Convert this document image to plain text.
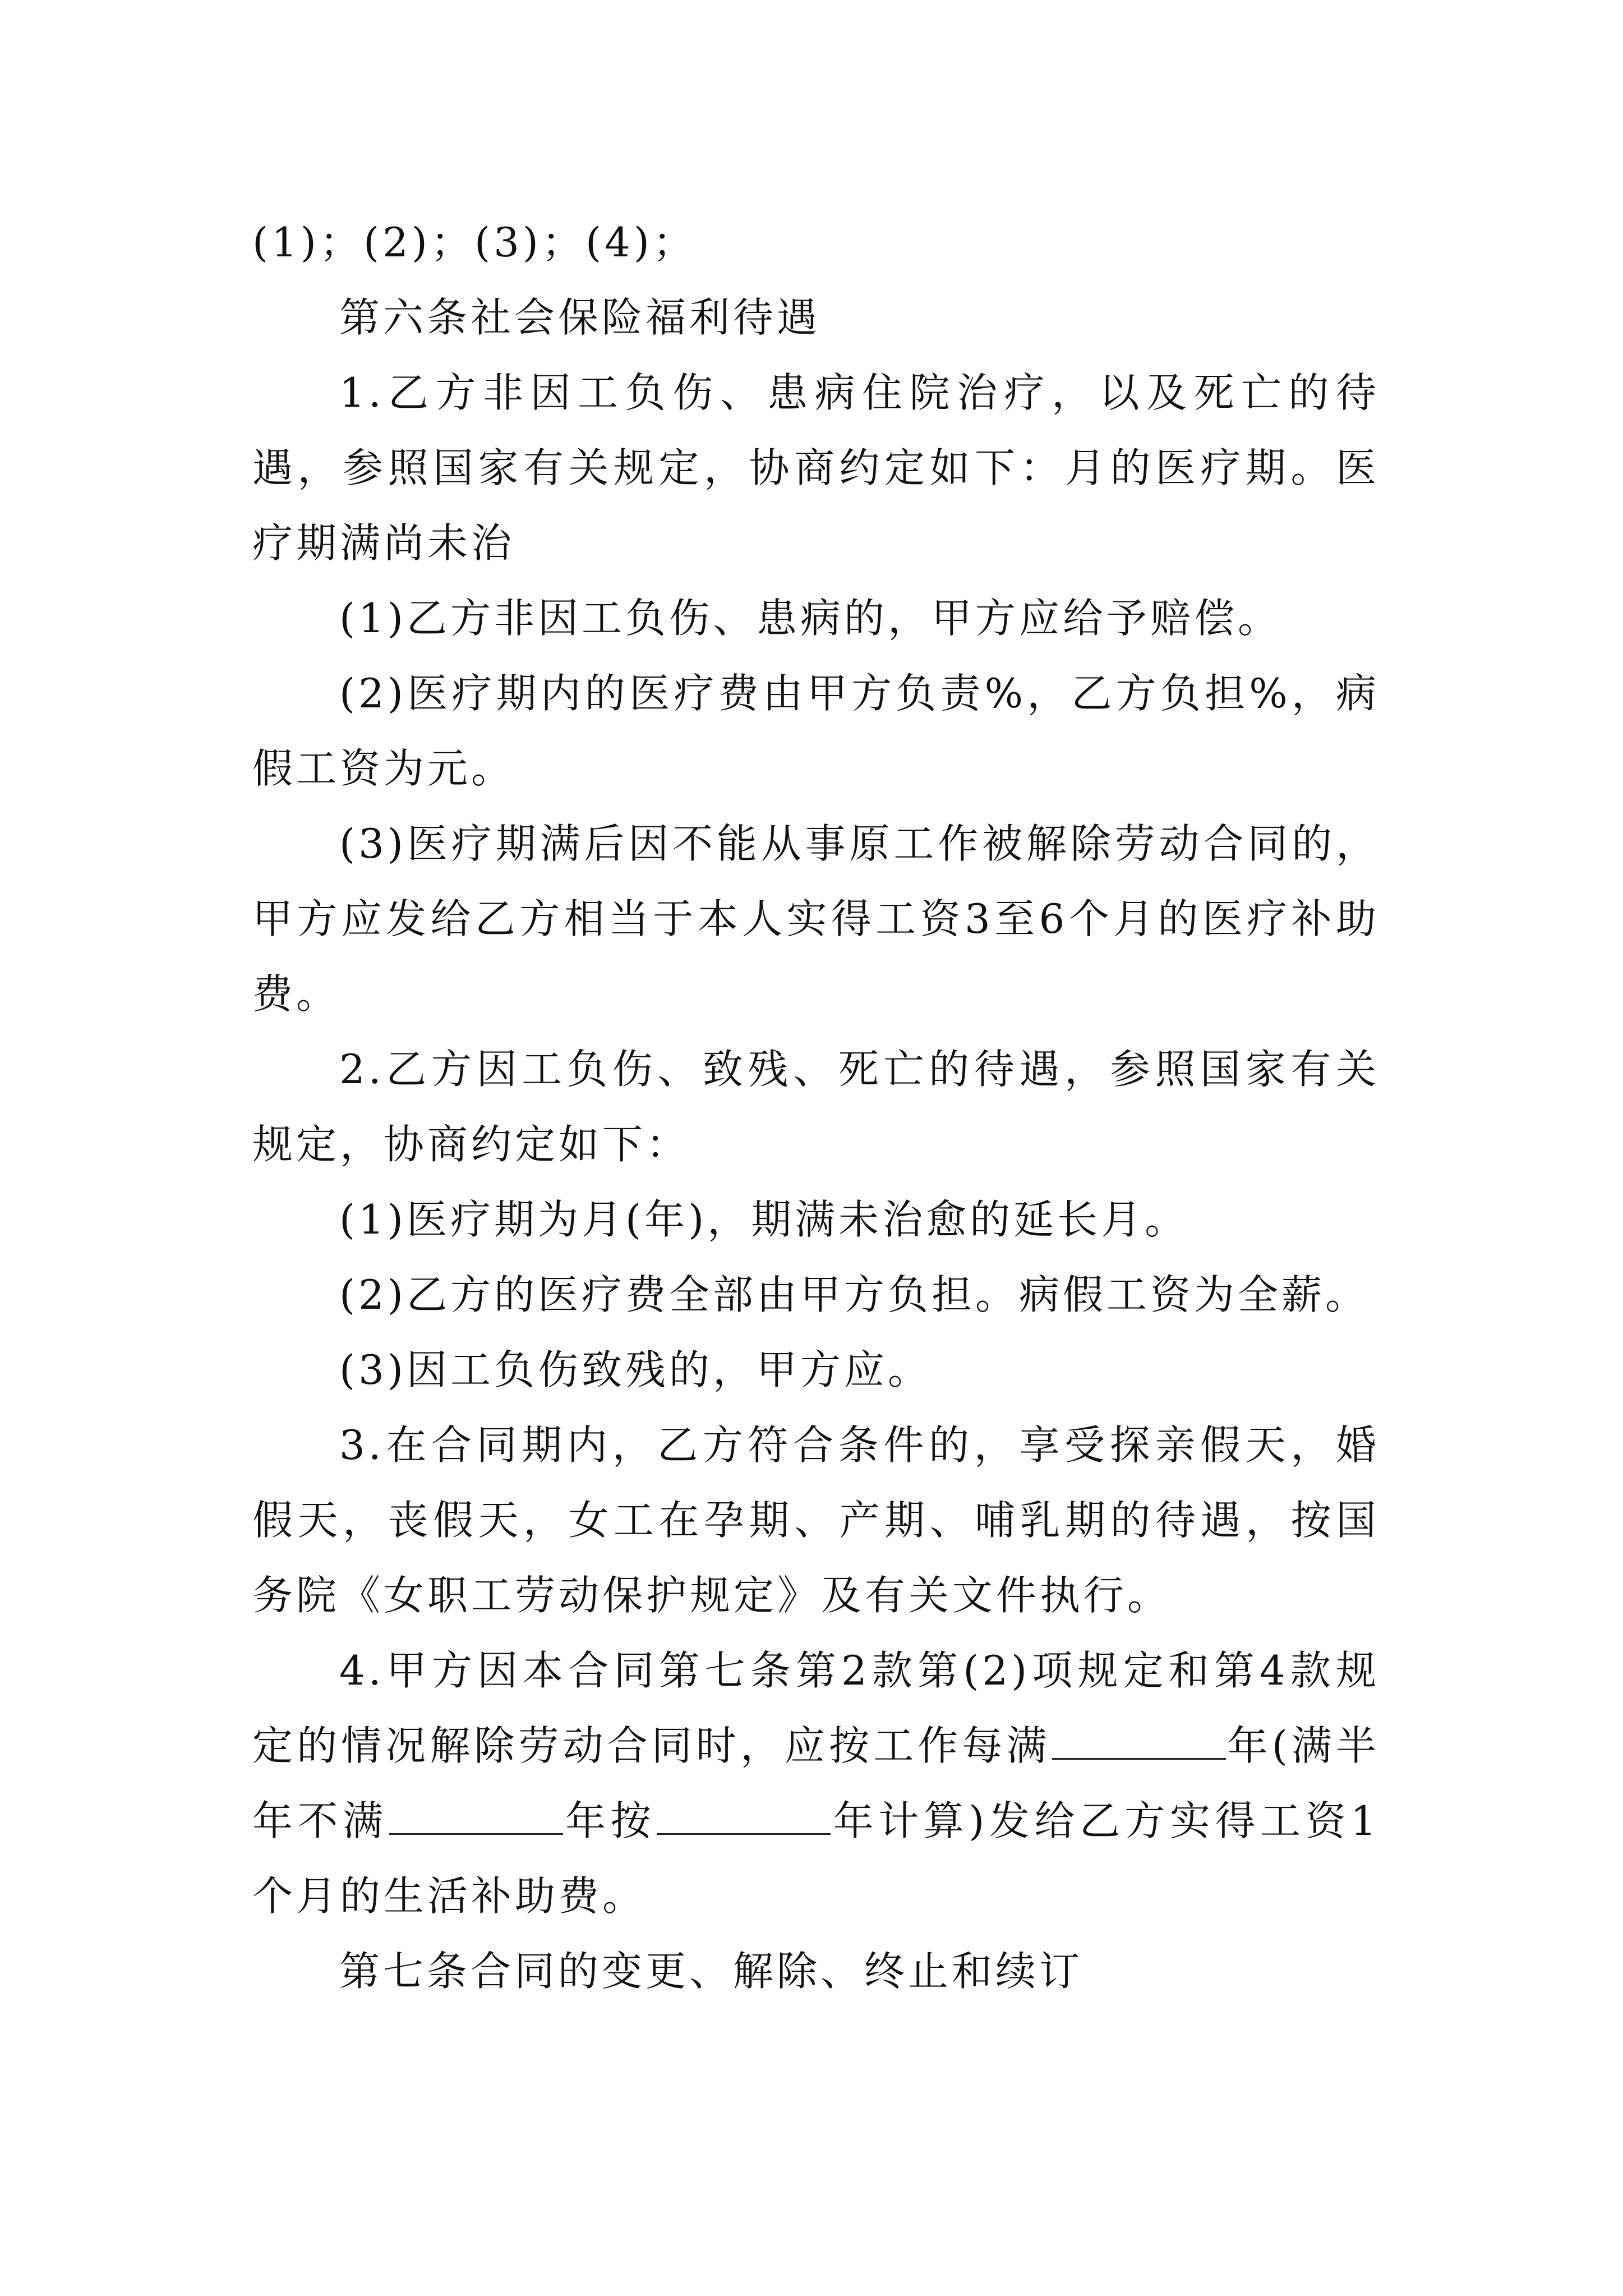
(1)；(2)；(3)；(4)；

第六条社会保险福利待遇

1.乙方非因工负伤、患病住院治疗，以及死亡的待遇，参照国家有关规定，协商约定如下：月的医疗期。医疗期满尚未治

(1)乙方非因工负伤、患病的，甲方应给予赔偿。

(2)医疗期内的医疗费由甲方负责%，乙方负担%，病假工资为元。

(3)医疗期满后因不能从事原工作被解除劳动合同的，甲方应发给乙方相当于本人实得工资3至6个月的医疗补助费。

2.乙方因工负伤、致残、死亡的待遇，参照国家有关规定，协商约定如下：

(1)医疗期为月(年)，期满未治愈的延长月。

(2)乙方的医疗费全部由甲方负担。病假工资为全薪。

(3)因工负伤致残的，甲方应。

3.在合同期内，乙方符合条件的，享受探亲假天，婚假天，丧假天，女工在孕期、产期、哺乳期的待遇，按国务院《女职工劳动保护规定》及有关文件执行。

4.甲方因本合同第七条第2款第(2)项规定和第4款规定的情况解除劳动合同时，应按工作每满	年(满半年不满	年按	年计算)发给乙方实得工资1个月的生活补助费。

第七条合同的变更、解除、终止和续订
